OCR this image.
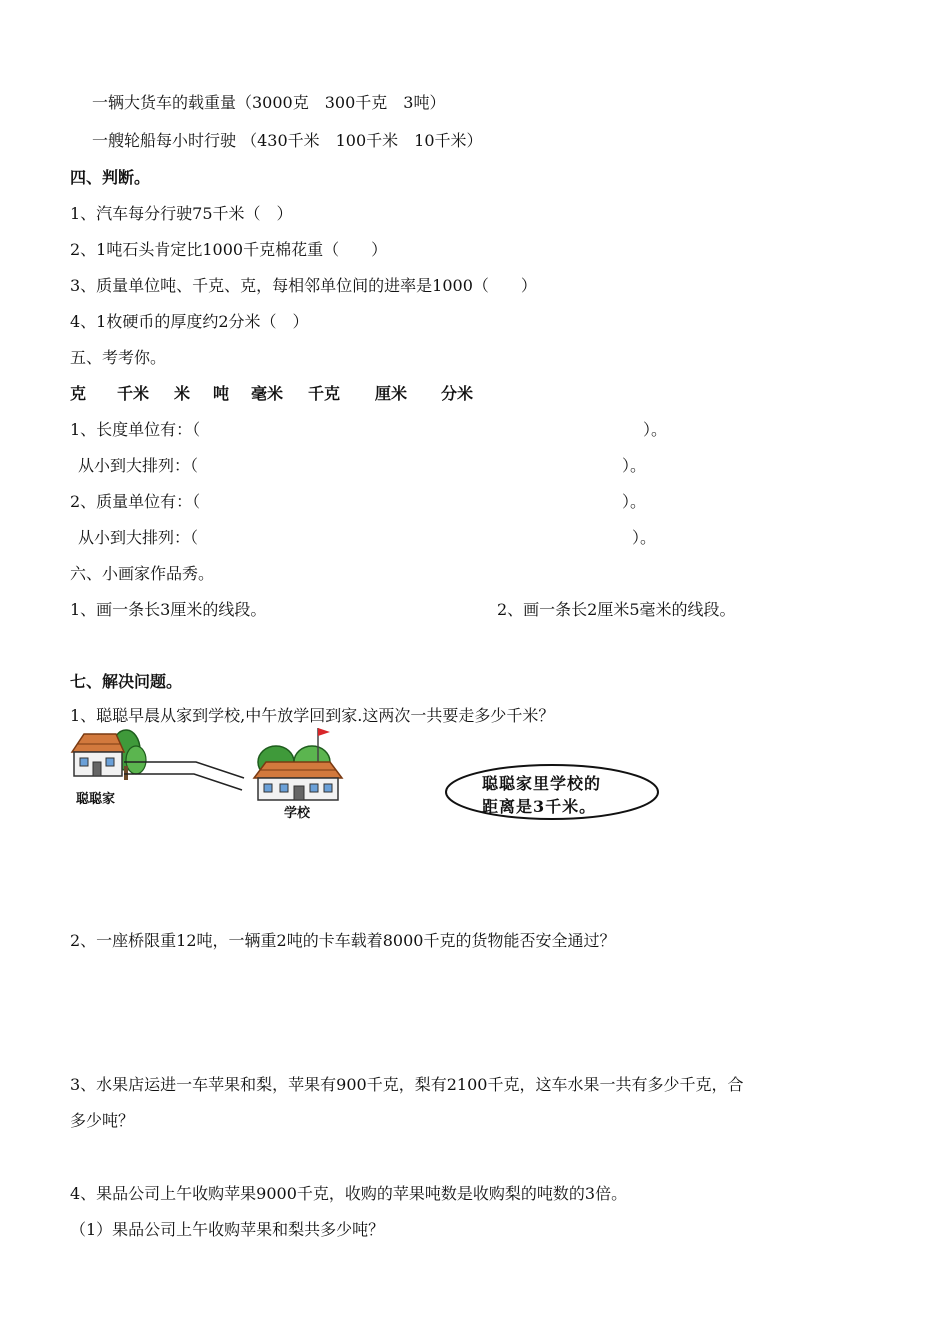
一辆大货车的载重量（3000克　300千克　3吨）
一艘轮船每小时行驶 （430千米　100千米　10千米）
四、判断。
1、汽车每分行驶75千米（　）
2、1吨石头肯定比1000千克棉花重（　　）
3、质量单位吨、千克、克，每相邻单位间的进率是1000（　　）
4、1枚硬币的厚度约2分米（　）
五、考考你。

克

千米

米

吨

毫米

千克

厘米

分米

1、长度单位有：（	）。
从小到大排列：（	）。
2、质量单位有：（	）。
从小到大排列：（	）。
六、小画家作品秀。
1、画一条长3厘米的线段。	2、画一条长2厘米5毫米的线段。
七、解决问题。
1、聪聪早晨从家到学校,中午放学回到家.这两次一共要走多少千米？
聪聪家
学校
聪聪家里学校的
距离是3千米。
2、一座桥限重12吨，一辆重2吨的卡车载着8000千克的货物能否安全通过？
3、水果店运进一车苹果和梨，苹果有900千克，梨有2100千克，这车水果一共有多少千克，合
多少吨？
4、果品公司上午收购苹果9000千克，收购的苹果吨数是收购梨的吨数的3倍。
（1）果品公司上午收购苹果和梨共多少吨？
